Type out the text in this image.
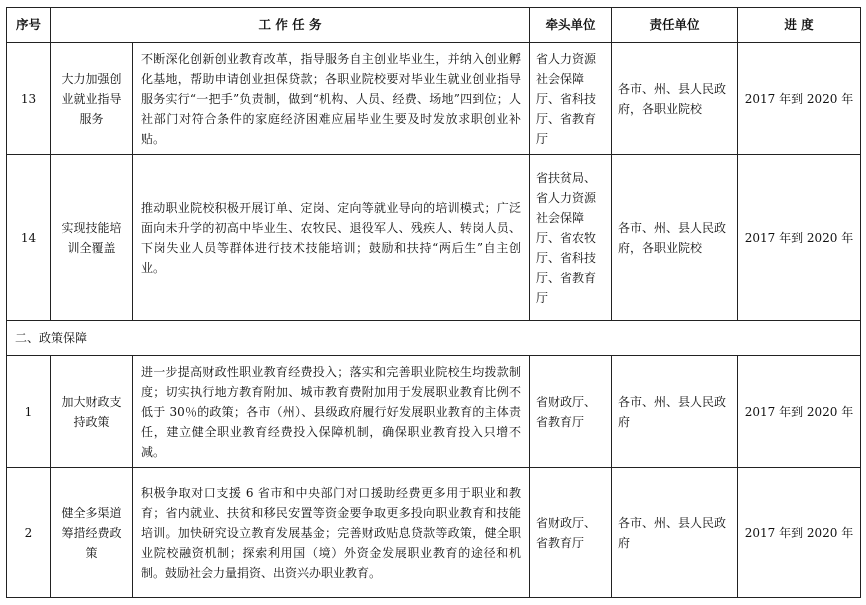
序号	工 作 任 务		牵头单位	责任单位	进 度
13	大力加强创业就业指导服务	不断深化创新创业教育改革，指导服务自主创业毕业生，并纳入创业孵化基地，帮助申请创业担保贷款；各职业院校要对毕业生就业创业指导服务实行“一把手”负责制，做到“机构、人员、经费、场地”四到位；人社部门对符合条件的家庭经济困难应届毕业生要及时发放求职创业补贴。	省人力资源社会保障厅、省科技厅、省教育厅	各市、州、县人民政府，各职业院校	2017 年到 2020 年
14	实现技能培训全覆盖	推动职业院校积极开展订单、定岗、定向等就业导向的培训模式；广泛面向未升学的初高中毕业生、农牧民、退役军人、残疾人、转岗人员、下岗失业人员等群体进行技术技能培训；鼓励和扶持“两后生”自主创业。	省扶贫局、省人力资源社会保障厅、省农牧厅、省科技厅、省教育厅	各市、州、县人民政府，各职业院校	2017 年到 2020 年
二、政策保障					
1	加大财政支持政策	进一步提高财政性职业教育经费投入；落实和完善职业院校生均拨款制度；切实执行地方教育附加、城市教育费附加用于发展职业教育比例不低于 30％的政策；各市（州）、县级政府履行好发展职业教育的主体责任，建立健全职业教育经费投入保障机制，确保职业教育投入只增不减。	省财政厅、省教育厅	各市、州、县人民政府	2017 年到 2020 年
2	健全多渠道筹措经费政策	积极争取对口支援 6 省市和中央部门对口援助经费更多用于职业和教育；省内就业、扶贫和移民安置等资金要争取更多投向职业教育和技能培训。加快研究设立教育发展基金；完善财政贴息贷款等政策，健全职业院校融资机制；探索利用国（境）外资金发展职业教育的途径和机制。鼓励社会力量捐资、出资兴办职业教育。	省财政厅、省教育厅	各市、州、县人民政府	2017 年到 2020 年
